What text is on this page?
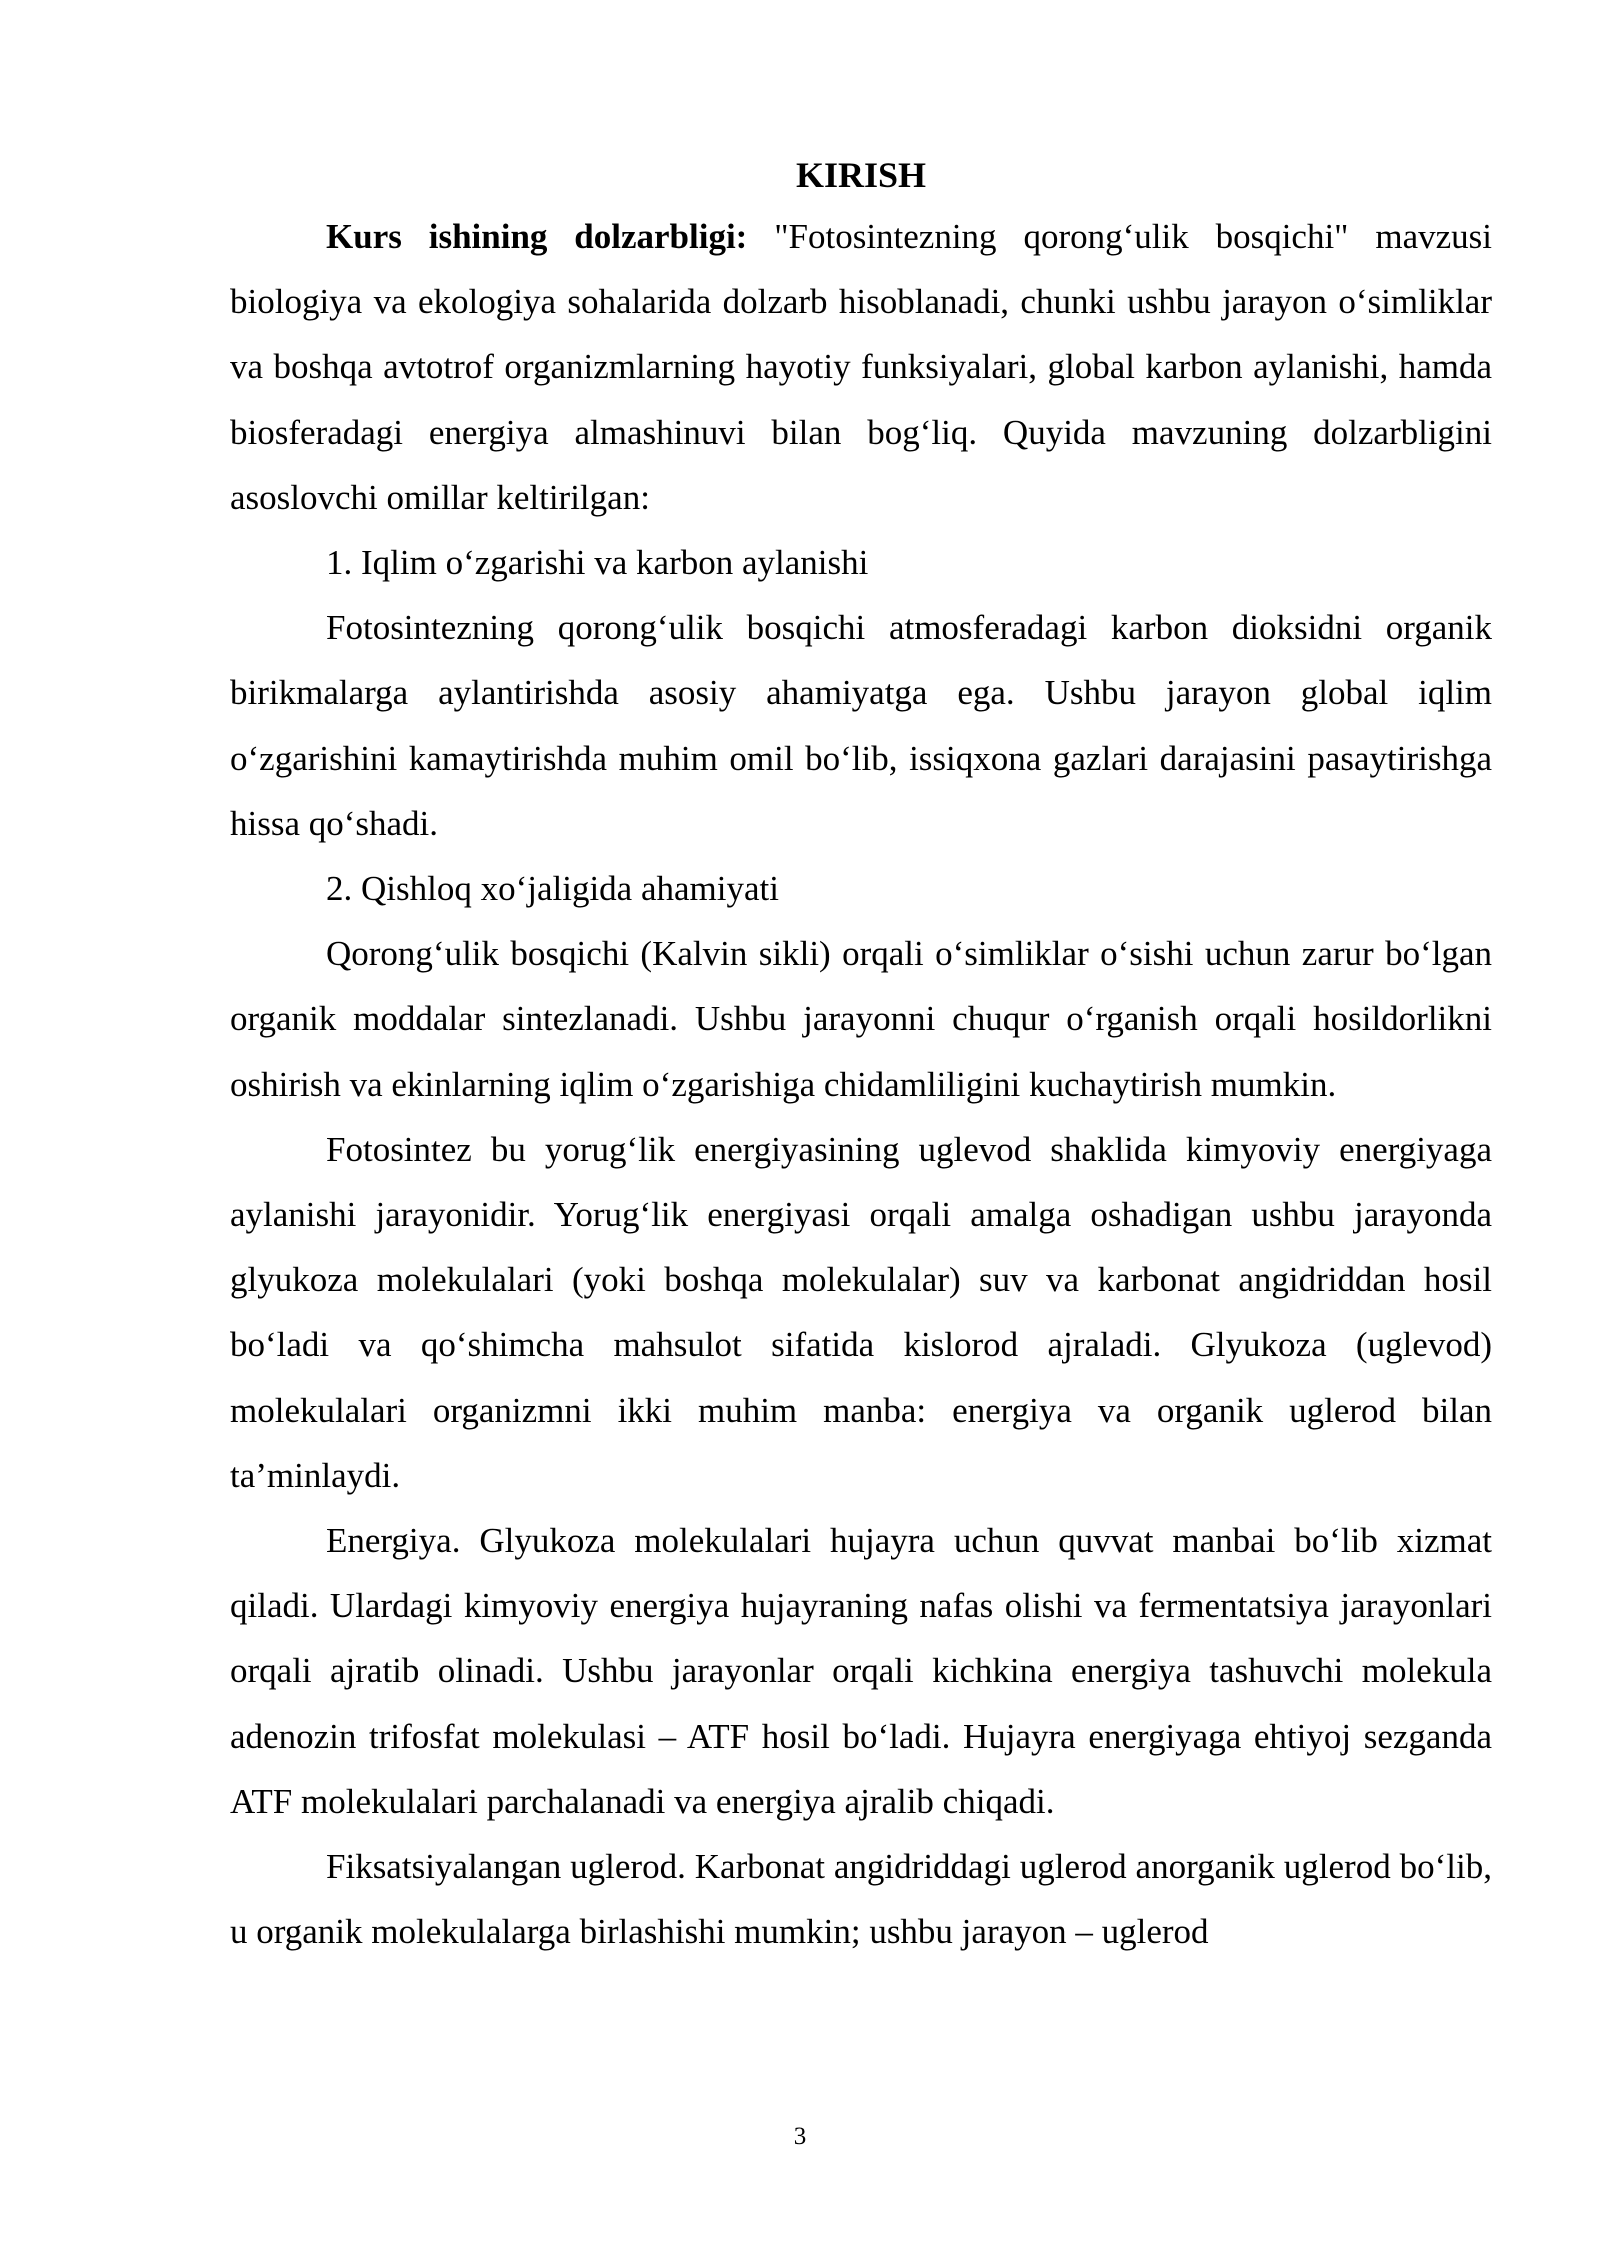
KIRISH

Kurs ishining dolzarbligi: "Fotosintezning qorong‘ulik bosqichi" mavzusi biologiya va ekologiya sohalarida dolzarb hisoblanadi, chunki ushbu jarayon o‘simliklar va boshqa avtotrof organizmlarning hayotiy funksiyalari, global karbon aylanishi, hamda biosferadagi energiya almashinuvi bilan bog‘liq. Quyida mavzuning dolzarbligini asoslovchi omillar keltirilgan:

1. Iqlim o‘zgarishi va karbon aylanishi

Fotosintezning qorong‘ulik bosqichi atmosferadagi karbon dioksidni organik birikmalarga aylantirishda asosiy ahamiyatga ega. Ushbu jarayon global iqlim o‘zgarishini kamaytirishda muhim omil bo‘lib, issiqxona gazlari darajasini pasaytirishga hissa qo‘shadi.

2. Qishloq xo‘jaligida ahamiyati

Qorong‘ulik bosqichi (Kalvin sikli) orqali o‘simliklar o‘sishi uchun zarur bo‘lgan organik moddalar sintezlanadi. Ushbu jarayonni chuqur o‘rganish orqali hosildorlikni oshirish va ekinlarning iqlim o‘zgarishiga chidamliligini kuchaytirish mumkin.

Fotosintez bu yorug‘lik energiyasining uglevod shaklida kimyoviy energiyaga aylanishi jarayonidir. Yorug‘lik energiyasi orqali amalga oshadigan ushbu jarayonda glyukoza molekulalari (yoki boshqa molekulalar) suv va karbonat angidriddan hosil bo‘ladi va qo‘shimcha mahsulot sifatida kislorod ajraladi. Glyukoza (uglevod) molekulalari organizmni ikki muhim manba: energiya va organik uglerod bilan ta’minlaydi.

Energiya. Glyukoza molekulalari hujayra uchun quvvat manbai bo‘lib xizmat qiladi. Ulardagi kimyoviy energiya hujayraning nafas olishi va fermentatsiya jarayonlari orqali ajratib olinadi. Ushbu jarayonlar orqali kichkina energiya tashuvchi molekula adenozin trifosfat molekulasi – ATF hosil bo‘ladi. Hujayra energiyaga ehtiyoj sezganda ATF molekulalari parchalanadi va energiya ajralib chiqadi.

Fiksatsiyalangan uglerod. Karbonat angidriddagi uglerod anorganik uglerod bo‘lib, u organik molekulalarga birlashishi mumkin; ushbu jarayon – uglerod

3
